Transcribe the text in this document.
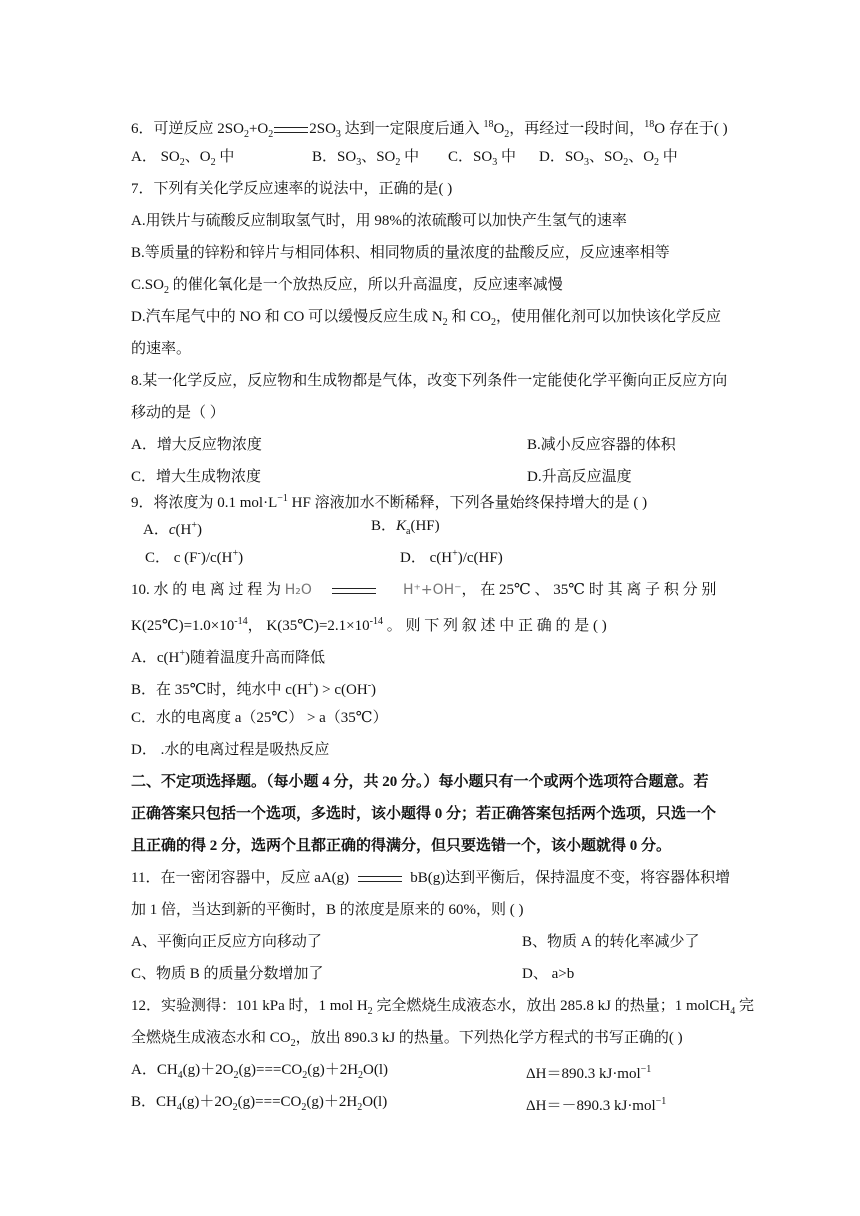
6．可逆反应 $2SO_2+O_2$ $2SO_3$ 达到一定限度后通入 $^{18}O_2$，再经过一段时间，$^{18}$O 存在于( )
A． $SO_2$、$O_2$ 中	B．$SO_3$、$SO_2$ 中 C．$SO_3$ 中 D．$SO_3$、$SO_2$、$O_2$ 中
7．下列有关化学反应速率的说法中，正确的是( )
A.用铁片与硫酸反应制取氢气时，用 98%的浓硫酸可以加快产生氢气的速率
B.等质量的锌粉和锌片与相同体积、相同物质的量浓度的盐酸反应，反应速率相等
$C.SO_2$ 的催化氧化是一个放热反应，所以升高温度，反应速率减慢
D.汽车尾气中的 NO 和 CO 可以缓慢反应生成 $N_2$ 和 $CO_2$，使用催化剂可以加快该化学反应
的速率。
8.某一化学反应，反应物和生成物都是气体，改变下列条件一定能使化学平衡向正反应方向
移动的是（ ）
A．增大反应物浓度	B.减小反应容器的体积
C．增大生成物浓度	D.升高反应温度
9．将浓度为 0.1 $mol\cdot L^{-1}$ HF 溶液加水不断稀释，下列各量始终保持增大的是 ( )
A．c(H+)	B．$K_a(HF)$
C． c (F-)/c(H+)	D． c(H+)/c(HF)
10. 水 的 电 离 过 程 为 H₂O	H⁺+OH⁻， 在 25℃ 、 35℃ 时 其 离 子 积 分 别
$K(25℃)=1.0\times 10^{-14}$， $K(35℃)=2.1\times 10^{-14}$ 。 则 下 列 叙 述 中 正 确 的 是 ( )
A．c(H+)随着温度升高而降低
B．在 35℃时，纯水中 c(H+) > c(OH-)
C．水的电离度 a（25℃） > a（35℃）
D． .水的电离过程是吸热反应
二、不定项选择题。（每小题 4 分，共 20 分。）每小题只有一个或两个选项符合题意。若
正确答案只包括一个选项，多选时，该小题得 0 分；若正确答案包括两个选项，只选一个
且正确的得 2 分，选两个且都正确的得满分，但只要选错一个，该小题就得 0 分。
11．在一密闭容器中，反应 aA(g)	bB(g)达到平衡后，保持温度不变，将容器体积增
加 1 倍，当达到新的平衡时，B 的浓度是原来的 60%，则 ( )
A、平衡向正反应方向移动了	B、物质 A 的转化率减少了
C、物质 B 的质量分数增加了	D、 a>b
12．实验测得：101 kPa 时，1 mol $H_2$ 完全燃烧生成液态水，放出 285.8 kJ 的热量；1 molCH$_4$ 完
全燃烧生成液态水和 $CO_2$，放出 890.3 kJ 的热量。下列热化学方程式的书写正确的( )
A．$CH_4(g)+2O_2(g)===CO_2(g)+2H_2O(l)$	ΔH＝890.3 kJ·mol$^{-1}$
B．$CH_4(g)+2O_2(g)===CO_2(g)+2H_2O(l)$	ΔH＝－890.3 kJ·mol$^{-1}$
